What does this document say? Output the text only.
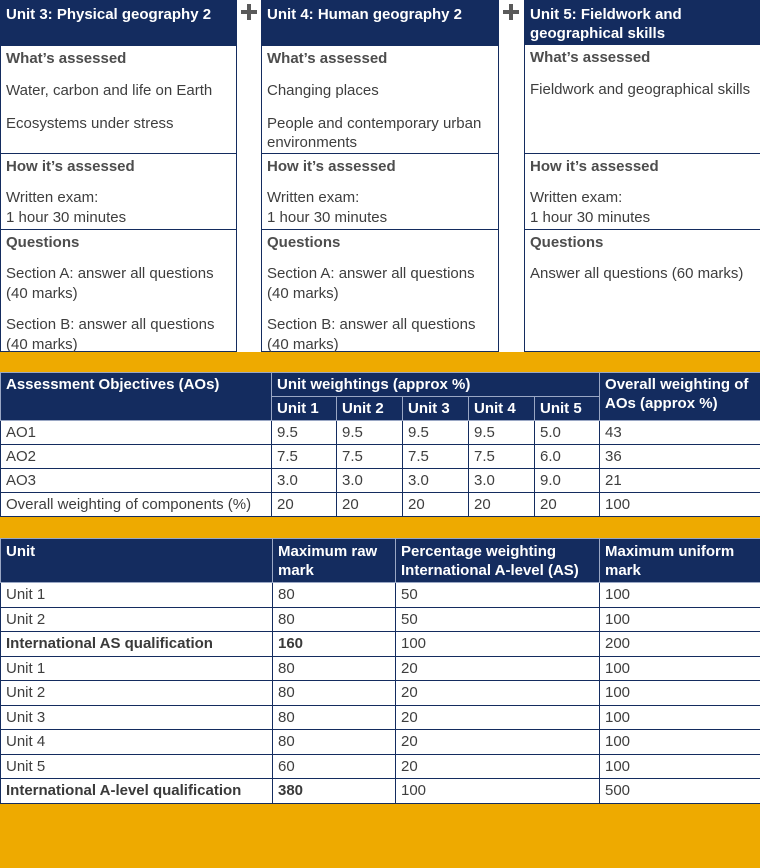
Unit 3: Physical geography 2
What’s assessed
Water, carbon and life on Earth
Ecosystems under stress
How it’s assessed
Written exam:
1 hour 30 minutes
Questions
Section A: answer all questions (40 marks)
Section B: answer all questions (40 marks)
Unit 4: Human geography 2
What’s assessed
Changing places
People and contemporary urban environments
How it’s assessed
Written exam:
1 hour 30 minutes
Questions
Section A: answer all questions (40 marks)
Section B: answer all questions (40 marks)
Unit 5: Fieldwork and geographical skills
What’s assessed
Fieldwork and geographical skills
How it’s assessed
Written exam:
1 hour 30 minutes
Questions
Answer all questions (60 marks)
Assessment Objectives (AOs)	Unit weightings (approx %)					Overall weighting of AOs (approx %)
	Unit 1	Unit 2	Unit 3	Unit 4	Unit 5	
AO1	9.5	9.5	9.5	9.5	5.0	43
AO2	7.5	7.5	7.5	7.5	6.0	36
AO3	3.0	3.0	3.0	3.0	9.0	21
Overall weighting of components (%)	20	20	20	20	20	100
Unit	Maximum raw mark	Percentage weighting International A-level (AS)	Maximum uniform mark
Unit 1	80	50	100
Unit 2	80	50	100
International AS qualification	160	100	200
Unit 1	80	20	100
Unit 2	80	20	100
Unit 3	80	20	100
Unit 4	80	20	100
Unit 5	60	20	100
International A-level qualification	380	100	500
